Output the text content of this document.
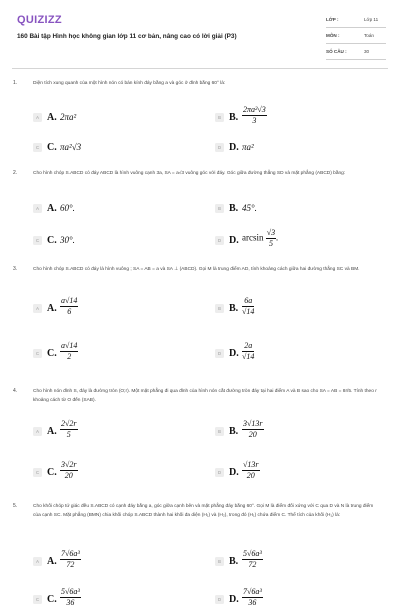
QUIZIZZ
160 Bài tập Hình học không gian lớp 11 cơ bản, nâng cao có lời giải (P3)
LỚP :	Lớp 11
MÔN :	Toán
SỐ CÂU :	30
1.	Diện tích xung quanh của một hình nón có bán kính đáy bằng a và góc ở đỉnh bằng 60° là:
A A. 2πa²	B B. $\frac{\text{2πa²√3}}{3}$
C C. πa²√3	D D. πa²
2.	Cho hình chóp S.ABCD có đáy ABCD là hình vuông cạnh 3a, SA = a√3 vuông góc với đáy. Góc giữa đường thẳng SD và mặt phẳng (ABCD) bằng:
A A. 60°.	B B. 45°.
C C. 30°.	D D. $\arcsin \frac{√3}{5}$ .
3.	Cho hình chóp S.ABCD có đáy là hình vuông ; SA = AB = a và SA ⊥ (ABCD). Gọi M là trung điểm AD, tính khoảng cách giữa hai đường thẳng SC và BM.
A A. $\frac{a√14}{6}$	B B. $\frac{6a}{√14}$
C C. $\frac{a√14}{2}$	D D. $\frac{2a}{√14}$
4.	Cho hình nón đỉnh S, đáy là đường tròn (O;r). Một mặt phẳng đi qua đỉnh của hình nón cắt đường tròn đáy tại hai điểm A và B sao cho SA = AB = 8r/5. Tính theo r khoảng cách từ O đến (SAB).
A A. $\frac{2√2r}{5}$	B B. $\frac{3√13r}{20}$
C C. $\frac{3√2r}{20}$	D D. $\frac{√13r}{20}$
5.	Cho khối chóp tứ giác đều S.ABCD có cạnh đáy bằng a, góc giữa cạnh bên và mặt phẳng đáy bằng 60°. Gọi M là điểm đối xứng với C qua D và N là trung điểm của cạnh SC. Mặt phẳng (BMN) chia khối chóp S.ABCD thành hai khối đa diện (H₁) và (H₂), trong đó (H₁) chứa điểm C. Thể tích của khối (H₁) là:
A A. $\frac{\text{7√6a³}}{72}$	B B. $\frac{\text{5√6a³}}{72}$
C C. $\frac{\text{5√6a³}}{36}$	D D. $\frac{\text{7√6a³}}{36}$
